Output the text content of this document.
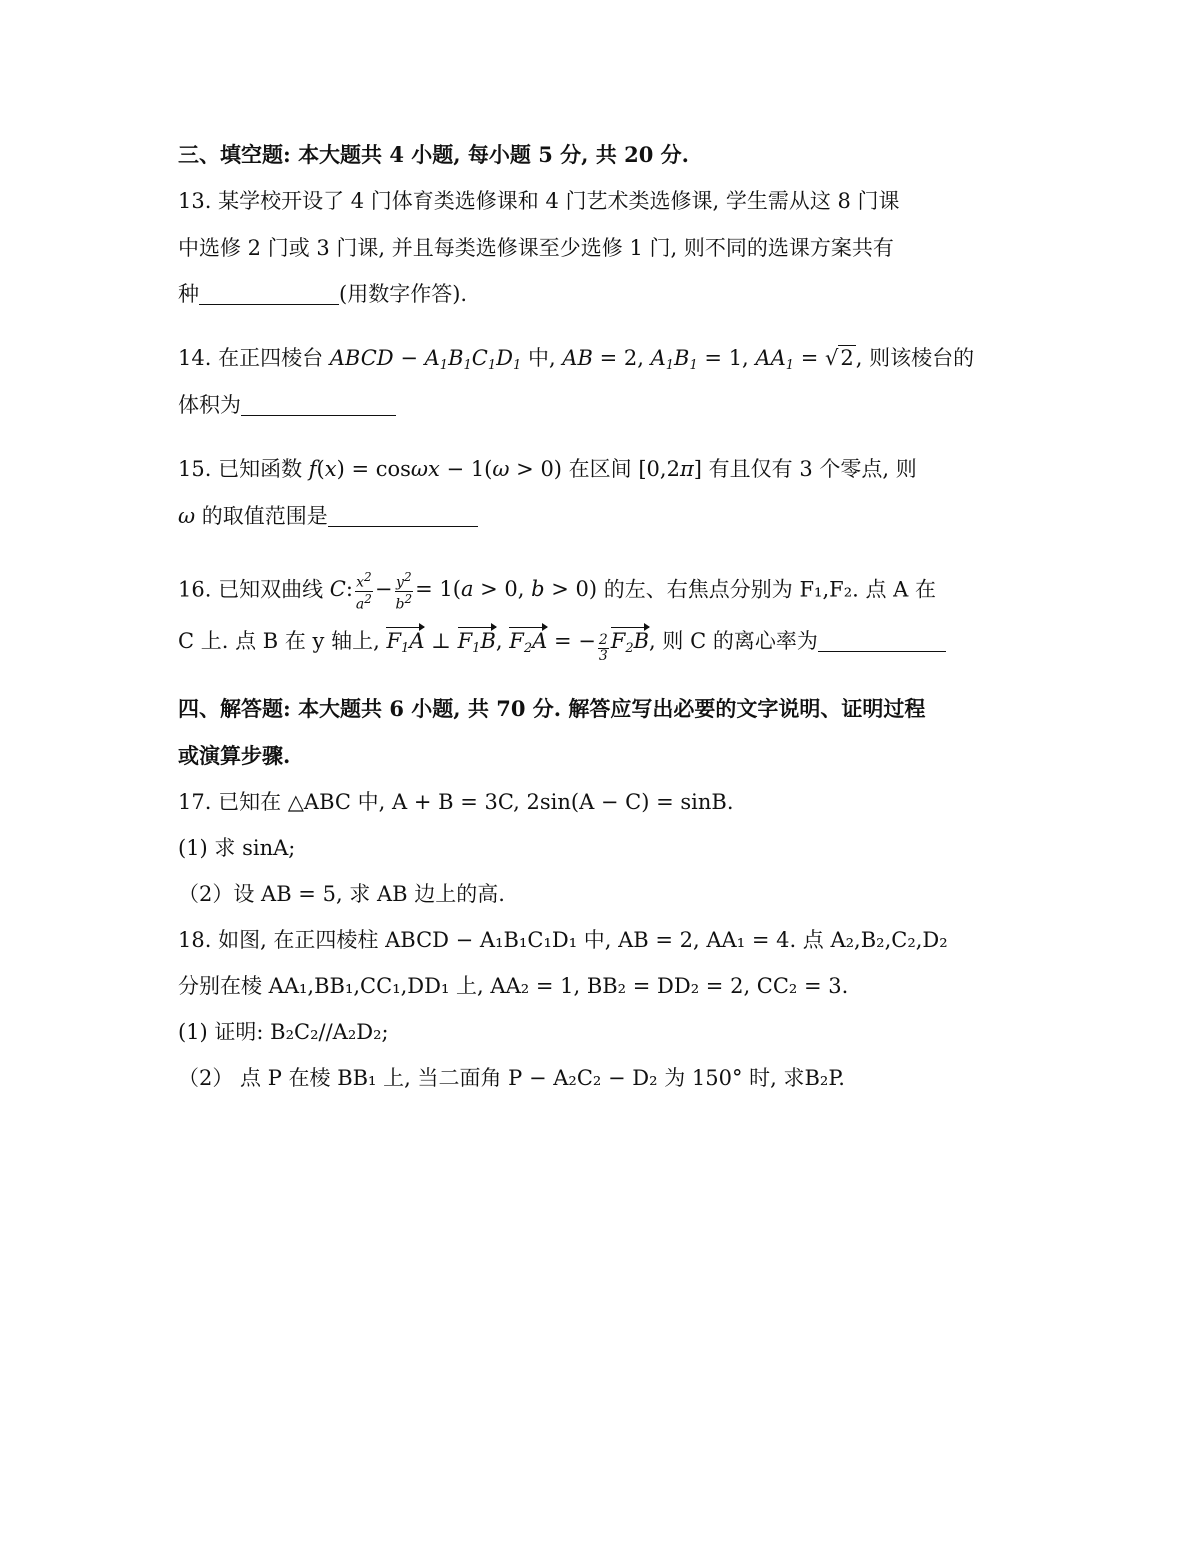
三、填空题: 本大题共 4 小题, 每小题 5 分, 共 20 分.
13. 某学校开设了 4 门体育类选修课和 4 门艺术类选修课, 学生需从这 8 门课
中选修 2 门或 3 门课, 并且每类选修课至少选修 1 门, 则不同的选课方案共有
种	(用数字作答).
14. 在正四棱台 ABCD − $A_1B_1C_1D_1$ 中, AB = 2, $A_1B_1 = 1$, $AA_1 = √2$, 则该棱台的
体积为
15. 已知函数 f(x) = cosωx − 1(ω > 0) 在区间 [0,2π] 有且仅有 3 个零点, 则
ω 的取值范围是
16. 已知双曲线 C: $\frac{x^2}{a^2} - \frac{y^2}{b^2} = 1(a > 0$, b > 0) 的左、右焦点分别为 F₁,F₂. 点 A 在
C 上. 点 B 在 y 轴上, $F_1A$ ⊥ $F_1B$, $F_2A$ = − $\frac{2}{3} F_2B$, 则 C 的离心率为
四、解答题: 本大题共 6 小题, 共 70 分. 解答应写出必要的文字说明、证明过程
或演算步骤.
17. 已知在 △ABC 中, A + B = 3C, 2sin(A − C) = sinB.
(1) 求 sinA;
（2）设 AB = 5, 求 AB 边上的高.
18. 如图, 在正四棱柱 ABCD − A₁B₁C₁D₁ 中, AB = 2, AA₁ = 4. 点 A₂,B₂,C₂,D₂
分别在棱 AA₁,BB₁,CC₁,DD₁ 上, AA₂ = 1, BB₂ = DD₂ = 2, CC₂ = 3.
(1) 证明: B₂C₂//A₂D₂;
（2） 点 P 在棱 BB₁ 上, 当二面角 P − A₂C₂ − D₂ 为 150° 时, 求B₂P.
